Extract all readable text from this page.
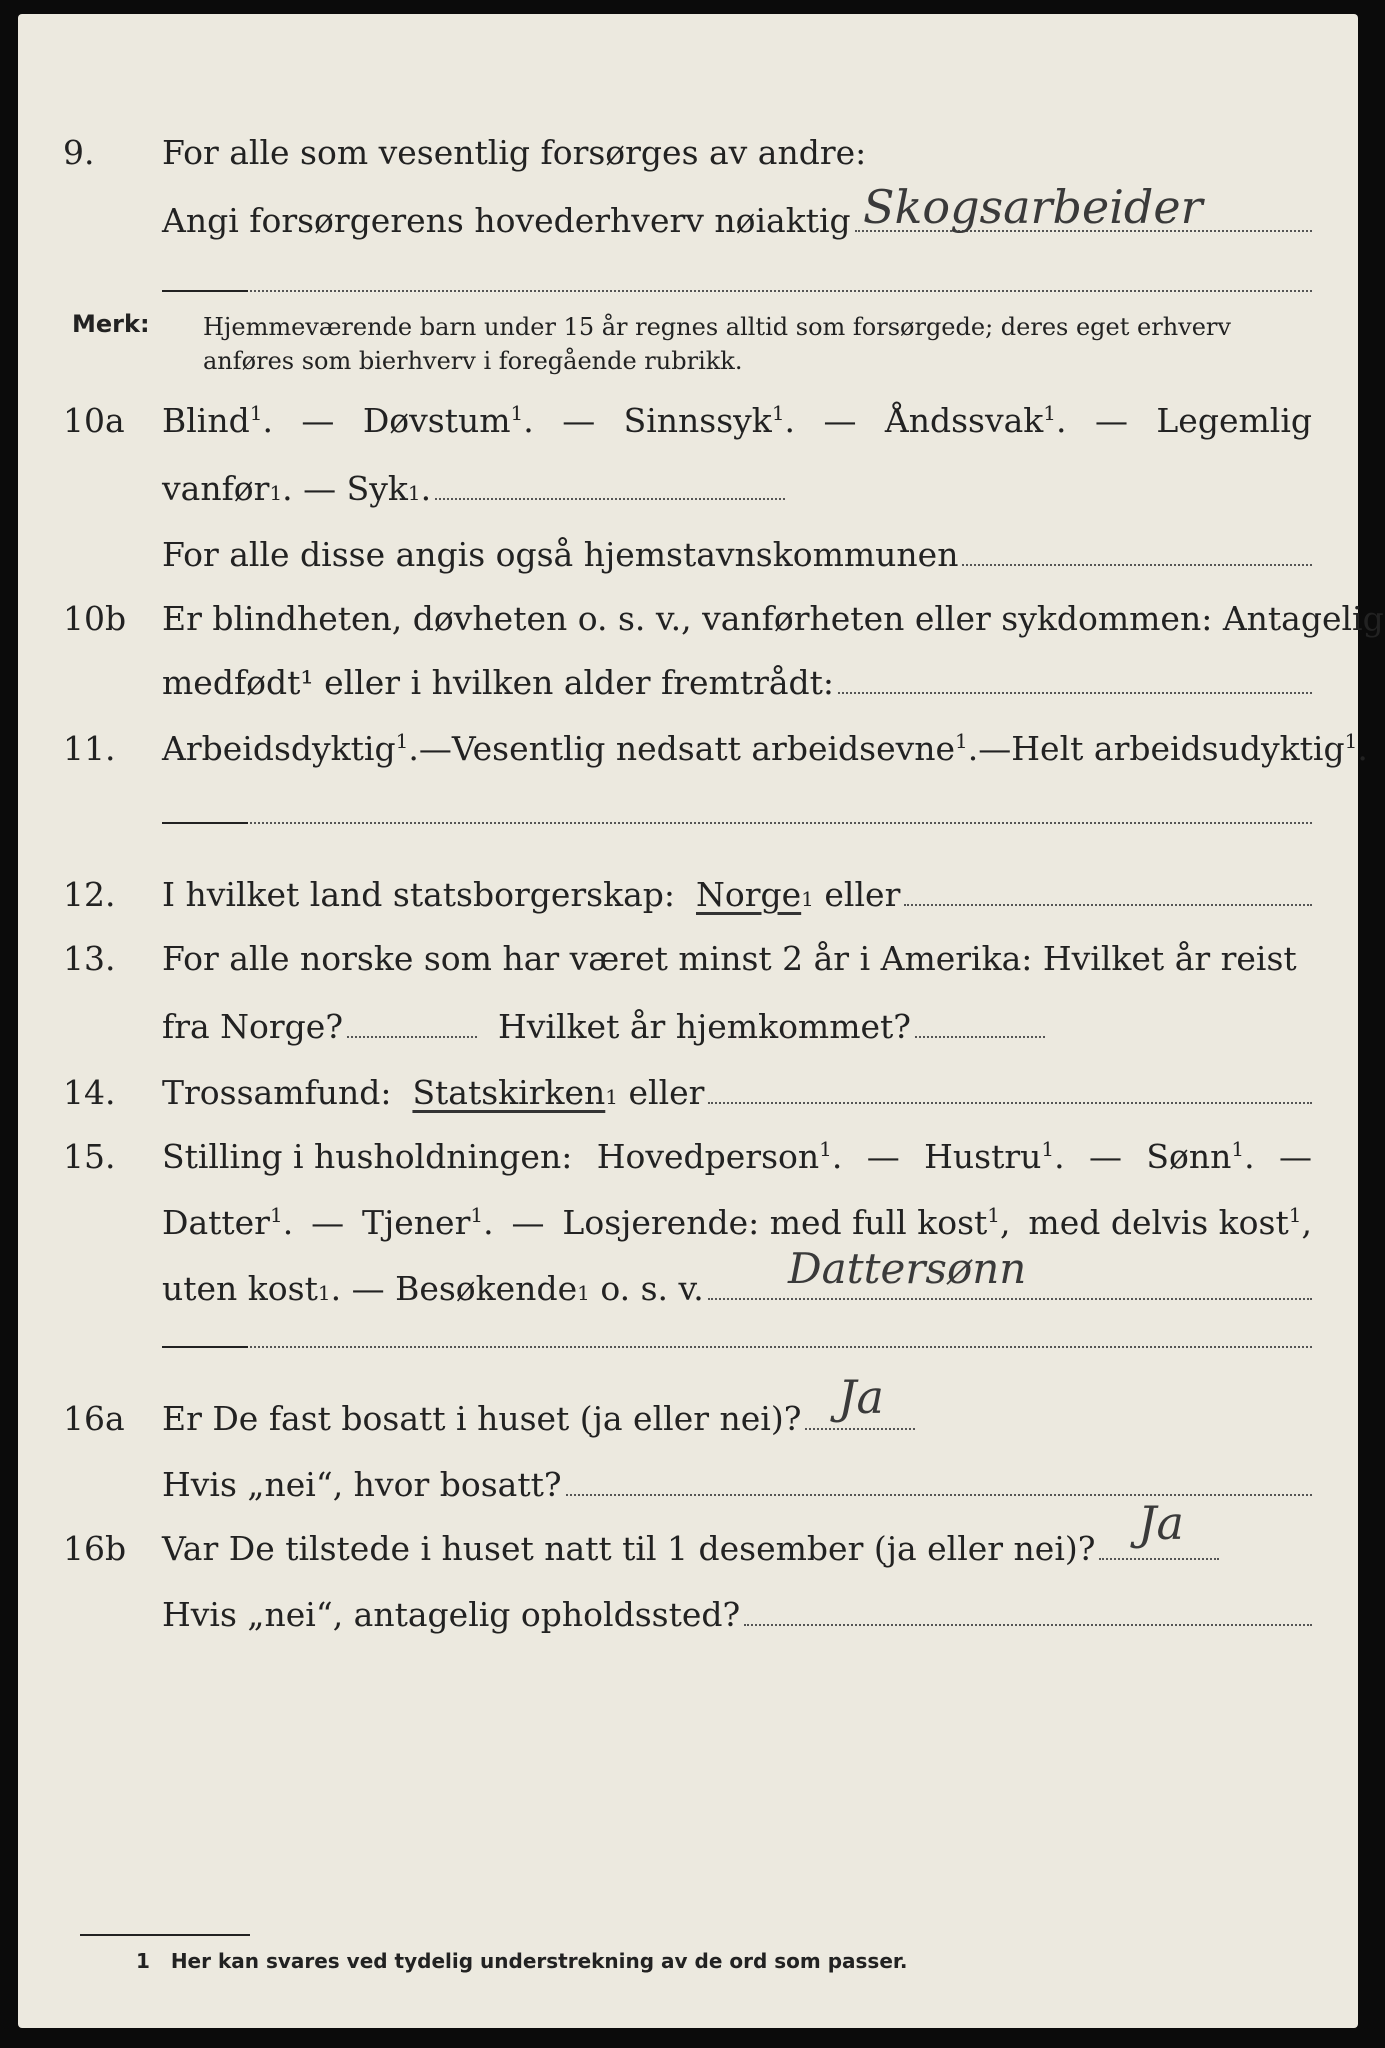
9. For alle som vesentlig forsørges av andre:
Angi forsørgerens hovederhverv nøiaktig Skogsarbeider
Merk: Hjemmeværende barn under 15 år regnes alltid som forsørgede; deres eget erhverv anføres som bierhverv i foregående rubrikk.
10a Blind$^1$. — Døvstum$^1$. — Sinnssyk$^1$. — Åndssvak$^1$. — Legemlig
vanfør 1 . —
Syk 1 .
For alle disse angis også hjemstavnskommunen
10b Er blindheten, døvheten o. s. v., vanførheten eller sykdommen: Antagelig
medfødt¹ eller i hvilken alder fremtrådt:
11. Arbeidsdyktig$^1$. — Vesentlig nedsatt arbeidsevne$^1$. — Helt arbeidsudyktig$^1$.
12. I hvilket land statsborgerskap:
Norge 1
eller
13. For alle norske som har været minst 2 år i Amerika: Hvilket år reist
fra Norge?
	Hvilket år hjemkommet?
14. Trossamfund:
Statskirken 1
eller
15. Stilling i husholdningen: Hovedperson$^1$. — Hustru$^1$. — Sønn$^1$. —
Datter$^1$. — Tjener$^1$. — Losjerende: med full kost$^1$, med delvis kost$^1$,
uten kost 1 . —
Besøkende 1
o. s. v. Dattersønn
16a Er De fast bosatt i huset (ja eller nei)? Ja
Hvis „nei“, hvor bosatt?
16b Var De tilstede i huset natt til 1 desember (ja eller nei)? Ja
Hvis „nei“, antagelig opholdssted?
1 Her kan svares ved tydelig understrekning av de ord som passer.
